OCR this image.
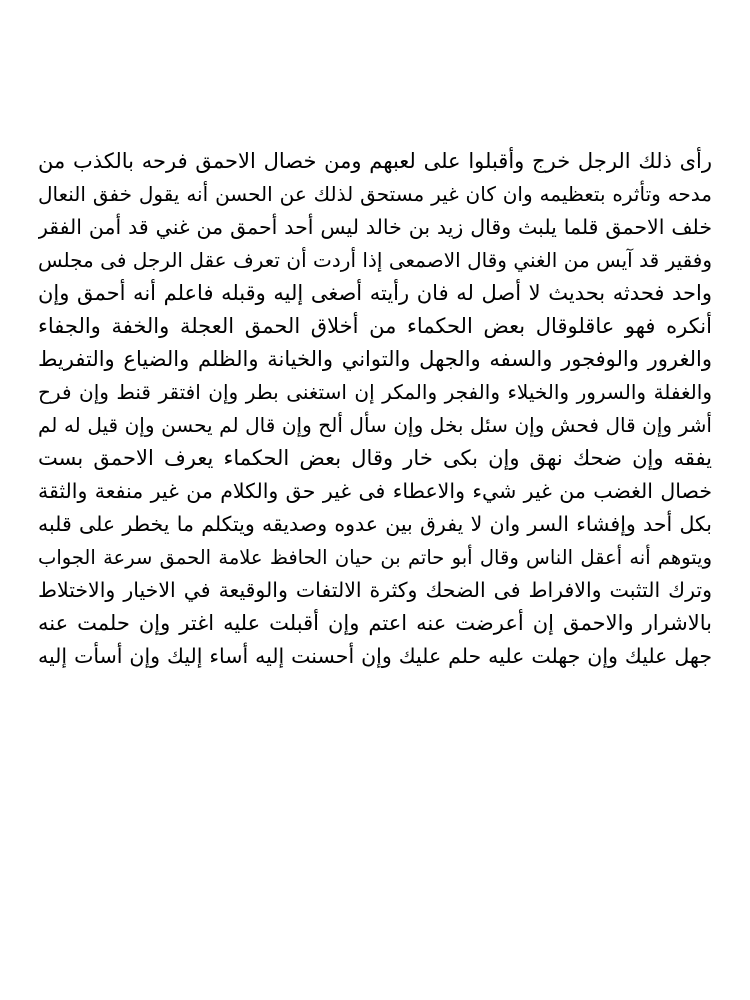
رأى ذلك الرجل خرج وأقبلوا على لعبهم ومن خصال الاحمق فرحه بالكذب من
مدحه وتأثره بتعظيمه وان كان غير مستحق لذلك عن الحسن أنه يقول خفق النعال
خلف الاحمق قلما يلبث وقال زيد بن خالد ليس أحد أحمق من غني قد أمن الفقر
وفقير قد آيس من الغني وقال الاصمعى إذا أردت أن تعرف عقل الرجل فى مجلس
واحد فحدثه بحديث لا أصل له فان رأيته أصغى إليه وقبله فاعلم أنه أحمق وإن
أنكره فهو عاقلوقال بعض الحكماء من أخلاق الحمق العجلة والخفة والجفاء
والغرور والوفجور والسفه والجهل والتواني والخيانة والظلم والضياع والتفريط
والغفلة والسرور والخيلاء والفجر والمكر إن استغنى بطر وإن افتقر قنط وإن فرح
أشر وإن قال فحش وإن سئل بخل وإن سأل ألح وإن قال لم يحسن وإن قيل له لم
يفقه وإن ضحك نهق وإن بكى خار وقال بعض الحكماء يعرف الاحمق بست
خصال الغضب من غير شيء والاعطاء فى غير حق والكلام من غير منفعة والثقة
بكل أحد وإفشاء السر وان لا يفرق بين عدوه وصديقه ويتكلم ما يخطر على قلبه
ويتوهم أنه أعقل الناس وقال أبو حاتم بن حيان الحافظ علامة الحمق سرعة الجواب
وترك التثبت والافراط فى الضحك وكثرة الالتفات والوقيعة في الاخيار والاختلاط
بالاشرار والاحمق إن أعرضت عنه اعتم وإن أقبلت عليه اغتر وإن حلمت عنه
جهل عليك وإن جهلت عليه حلم عليك وإن أحسنت إليه أساء إليك وإن أسأت إليه
